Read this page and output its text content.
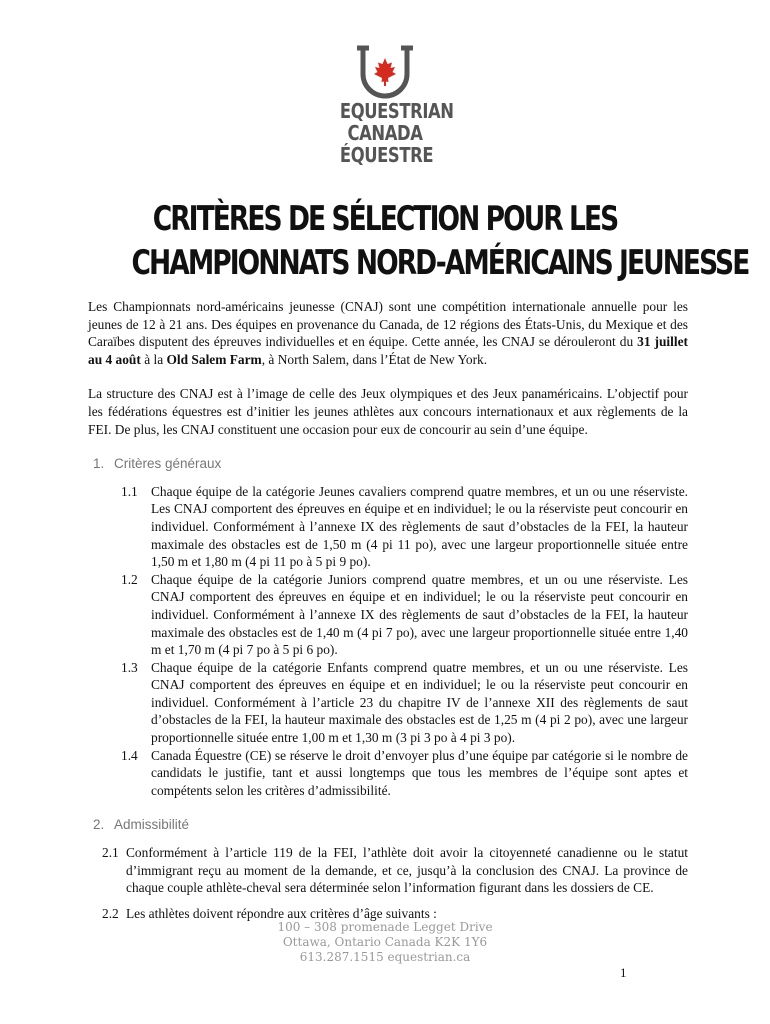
EQUESTRIAN
CANADA
ÉQUESTRE
CRITÈRES DE SÉLECTION POUR LES
CHAMPIONNATS NORD-AMÉRICAINS JEUNESSE

Les Championnats nord-américains jeunesse (CNAJ) sont une compétition internationale annuelle pour les jeunes de 12 à 21 ans. Des équipes en provenance du Canada, de 12 régions des États-Unis, du Mexique et des Caraïbes disputent des épreuves individuelles et en équipe. Cette année, les CNAJ se dérouleront du 31 juillet au 4 août à la Old Salem Farm, à North Salem, dans l’État de New York.

La structure des CNAJ est à l’image de celle des Jeux olympiques et des Jeux panaméricains. L’objectif pour les fédérations équestres est d’initier les jeunes athlètes aux concours internationaux et aux règlements de la FEI. De plus, les CNAJ constituent une occasion pour eux de concourir au sein d’une équipe.

1. Critères généraux
1.1 Chaque équipe de la catégorie Jeunes cavaliers comprend quatre membres, et un ou une réserviste. Les CNAJ comportent des épreuves en équipe et en individuel; le ou la réserviste peut concourir en individuel. Conformément à l’annexe IX des règlements de saut d’obstacles de la FEI, la hauteur maximale des obstacles est de 1,50 m (4 pi 11 po), avec une largeur proportionnelle située entre 1,50 m et 1,80 m (4 pi 11 po à 5 pi 9 po).
1.2 Chaque équipe de la catégorie Juniors comprend quatre membres, et un ou une réserviste. Les CNAJ comportent des épreuves en équipe et en individuel; le ou la réserviste peut concourir en individuel. Conformément à l’annexe IX des règlements de saut d’obstacles de la FEI, la hauteur maximale des obstacles est de 1,40 m (4 pi 7 po), avec une largeur proportionnelle située entre 1,40 m et 1,70 m (4 pi 7 po à 5 pi 6 po).
1.3 Chaque équipe de la catégorie Enfants comprend quatre membres, et un ou une réserviste. Les CNAJ comportent des épreuves en équipe et en individuel; le ou la réserviste peut concourir en individuel. Conformément à l’article 23 du chapitre IV de l’annexe XII des règlements de saut d’obstacles de la FEI, la hauteur maximale des obstacles est de 1,25 m (4 pi 2 po), avec une largeur proportionnelle située entre 1,00 m et 1,30 m (3 pi 3 po à 4 pi 3 po).
1.4 Canada Équestre (CE) se réserve le droit d’envoyer plus d’une équipe par catégorie si le nombre de candidats le justifie, tant et aussi longtemps que tous les membres de l’équipe sont aptes et compétents selon les critères d’admissibilité.
2. Admissibilité
2.1 Conformément à l’article 119 de la FEI, l’athlète doit avoir la citoyenneté canadienne ou le statut d’immigrant reçu au moment de la demande, et ce, jusqu’à la conclusion des CNAJ. La province de chaque couple athlète-cheval sera déterminée selon l’information figurant dans les dossiers de CE.
2.2 Les athlètes doivent répondre aux critères d’âge suivants :
100 – 308 promenade Legget Drive
Ottawa, Ontario Canada K2K 1Y6
613.287.1515 equestrian.ca
1
